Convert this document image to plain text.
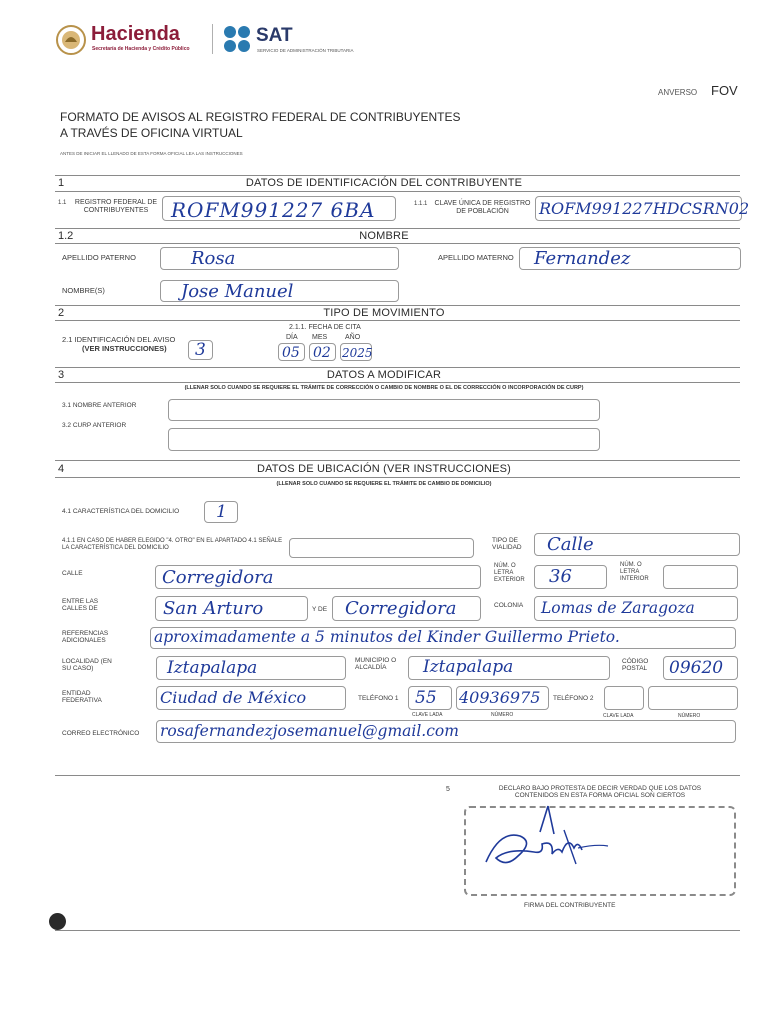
Hacienda
Secretaría de Hacienda y Crédito Público
SAT
SERVICIO DE ADMINISTRACIÓN TRIBUTARIA
ANVERSO FOV
FORMATO DE AVISOS AL REGISTRO FEDERAL DE CONTRIBUYENTES
A TRAVÉS DE OFICINA VIRTUAL
ANTES DE INICIAR EL LLENADO DE ESTA FORMA OFICIAL LEA LAS INSTRUCCIONES
1	DATOS DE IDENTIFICACIÓN DEL CONTRIBUYENTE
1.1	REGISTRO FEDERAL DE CONTRIBUYENTES	ROFM991227 6BA	1.1.1	CLAVE ÚNICA DE REGISTRO DE POBLACIÓN	ROFM991227HDCSRN02
1.2	NOMBRE
APELLIDO PATERNO	Rosa	APELLIDO MATERNO Fernandez
NOMBRE(S)	Jose Manuel
2	TIPO DE MOVIMIENTO
2.1 IDENTIFICACIÓN DEL AVISO
(VER INSTRUCCIONES) 3
2.1.1. FECHA DE CITA
DÍA MES	AÑO
05 02 2025
3	DATOS A MODIFICAR
(LLENAR SOLO CUANDO SE REQUIERE EL TRÁMITE DE CORRECCIÓN O CAMBIO DE NOMBRE O EL DE CORRECCIÓN O INCORPORACIÓN DE CURP)
3.1 NOMBRE ANTERIOR
3.2 CURP ANTERIOR
4	DATOS DE UBICACIÓN (VER INSTRUCCIONES)
(LLENAR SOLO CUANDO SE REQUIERE EL TRÁMITE DE CAMBIO DE DOMICILIO)
4.1 CARACTERÍSTICA DEL DOMICILIO 1
4.1.1 EN CASO DE HABER ELEGIDO "4. OTRO" EN EL APARTADO 4.1 SEÑALE LA CARACTERÍSTICA DEL DOMICILIO
TIPO DE VIALIDAD	Calle
CALLE	Corregidora
NÚM. O LETRA EXTERIOR	36
NÚM. O LETRA INTERIOR
ENTRE LAS CALLES DE	San Arturo	Y DE Corregidora	COLONIA Lomas de Zaragoza
REFERENCIAS ADICIONALES	aproximadamente a 5 minutos del Kinder Guillermo Prieto.
LOCALIDAD (EN SU CASO)	Iztapalapa	MUNICIPIO O ALCALDÍA	Iztapalapa	CÓDIGO POSTAL	09620
ENTIDAD FEDERATIVA	Ciudad de México	TELÉFONO 1 55 40936975 TELÉFONO 2
CLAVE LADA	NÚMERO	CLAVE LADA	NÚMERO
CORREO ELECTRÓNICO rosafernandezjosemanuel@gmail.com
5	DECLARO BAJO PROTESTA DE DECIR VERDAD QUE LOS DATOS CONTENIDOS EN ESTA FORMA OFICIAL SON CIERTOS
FIRMA DEL CONTRIBUYENTE
